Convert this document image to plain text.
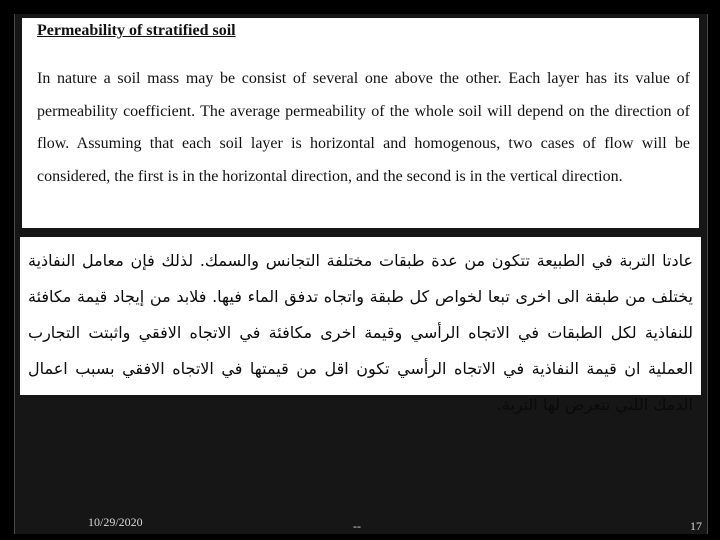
Permeability of stratified soil

In nature a soil mass may be consist of several one above the other. Each layer has its value of permeability coefficient. The average permeability of the whole soil will depend on the direction of flow. Assuming that each soil layer is horizontal and homogenous, two cases of flow will be considered, the first is in the horizontal direction, and the second is in the vertical direction.

عادتا التربة في الطبيعة تتكون من عدة طبقات مختلفة التجانس والسمك. لذلك فإن معامل النفاذية يختلف من طبقة الى اخرى تبعا لخواص كل طبقة واتجاه تدفق الماء فيها. فلابد من إيجاد قيمة مكافئة للنفاذية لكل الطبقات في الاتجاه الرأسي وقيمة اخرى مكافئة في الاتجاه الافقي واثبتت التجارب العملية ان قيمة النفاذية في الاتجاه الرأسي تكون اقل من قيمتها في الاتجاه الافقي بسبب اعمال الدمك اللتي تتعرض لها التربة.

10/29/2020	--	17
